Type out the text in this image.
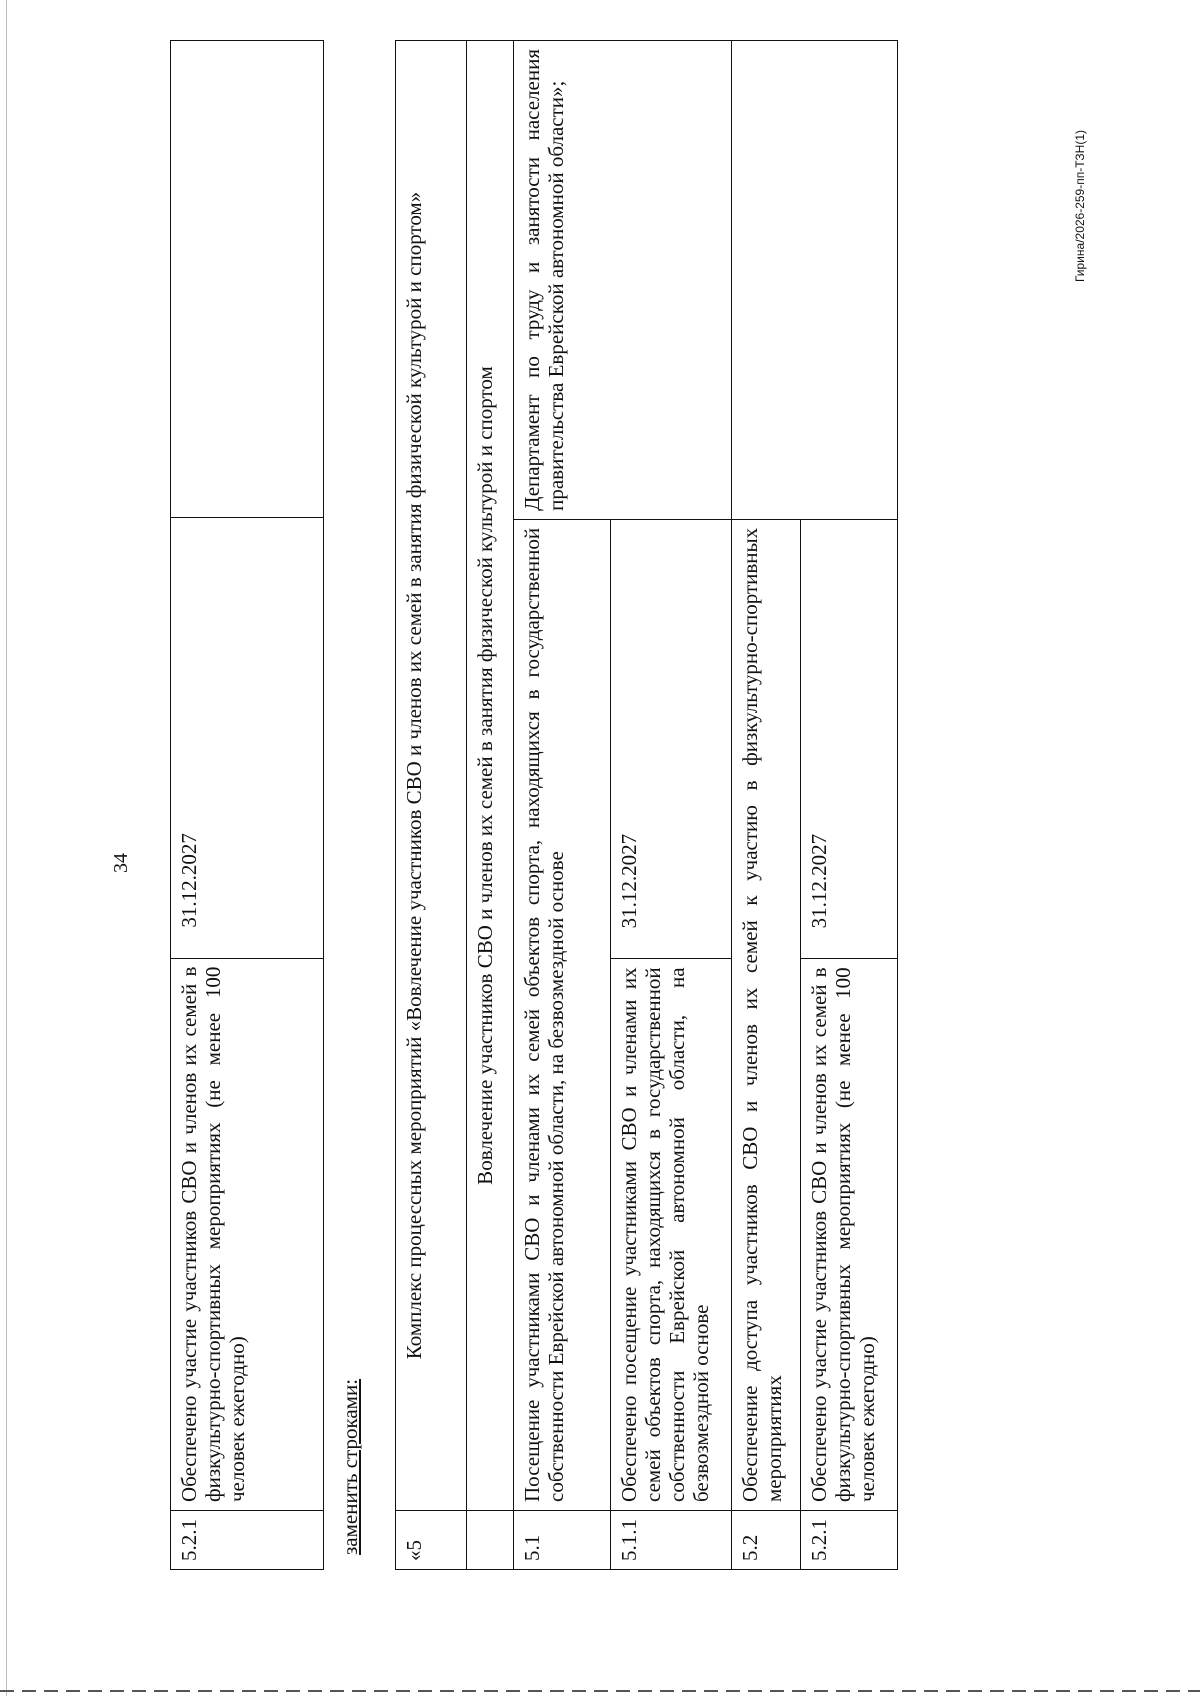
Гирина/2026-259-пп-ТЗН(1)
34
5.2.1	Обеспечено участие участников СВО и членов их семей в физкультурно-спортивных мероприятиях (не менее 100 человек ежегодно)	31.12.2027	
заменить строками: «5	Комплекс процессных мероприятий «Вовлечение участников СВО и членов их семей в занятия физической культурой и спортом»		
	Вовлечение участников СВО и членов их семей в занятия физической культурой и спортом		
5.1	Посещение участниками СВО и членами их семей объектов спорта, находящихся в государственной собственности Еврейской автономной области, на безвозмездной основе		Департамент по труду и занятости населения правительства Еврейской автономной области»;
5.1.1	Обеспечено посещение участниками СВО и членами их семей объектов спорта, находящихся в государственной собственности Еврейской автономной области, на безвозмездной основе	31.12.2027	
5.2	Обеспечение доступа участников СВО и членов их семей к участию в физкультурно-спортивных мероприятиях		
5.2.1	Обеспечено участие участников СВО и членов их семей в физкультурно-спортивных мероприятиях (не менее 100 человек ежегодно)	31.12.2027	
